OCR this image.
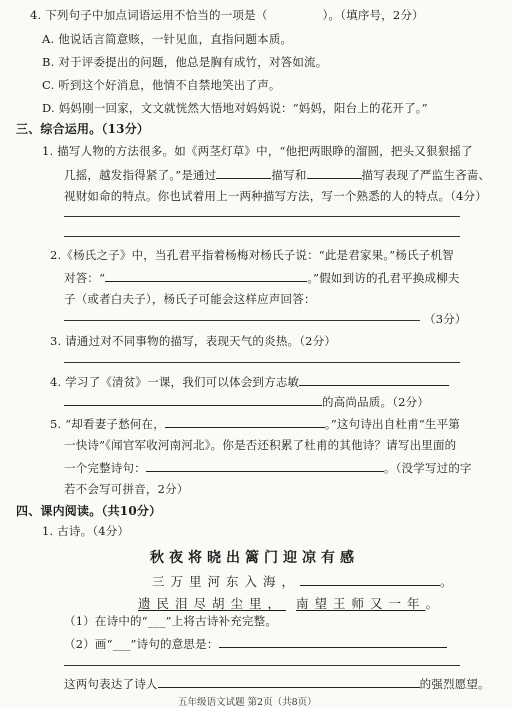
4. 下列句子中加点词语运用不恰当的一项是（	）。（填序号，2分）
A. 他说话言简意赅，一针见血，直指问题本质。
B. 对于评委提出的问题，他总是胸有成竹，对答如流。
C. 听到这个好消息，他情不自禁地笑出了声。
D. 妈妈刚一回家，文文就恍然大悟地对妈妈说：“妈妈，阳台上的花开了。”
三、综合运用。（13分）
1. 描写人物的方法很多。如《两茎灯草》中，“他把两眼睁的溜圆，把头又狠狠摇了
几摇，越发指得紧了。”是通过	描写和	描写表现了严监生吝啬、
视财如命的特点。你也试着用上一两种描写方法，写一个熟悉的人的特点。（4分）
2.《杨氏之子》中，当孔君平指着杨梅对杨氏子说：“此是君家果。”杨氏子机智
对答：“	。”假如到访的孔君平换成柳夫
子（或者白夫子），杨氏子可能会这样应声回答：
（3分）
3. 请通过对不同事物的描写，表现天气的炎热。（2分）
4. 学习了《清贫》一课，我们可以体会到方志敏
的高尚品质。（2分）
5. “却看妻子愁何在，	。”这句诗出自杜甫“生平第
一快诗”《闻官军收河南河北》。你是否还积累了杜甫的其他诗？请写出里面的
一个完整诗句：	。（没学写过的字
若不会写可拼音，2分）
四、课内阅读。（共10分）
1. 古诗。（4分）
秋夜将晓出篱门迎凉有感
三万里河东入海，	。
遗民泪尽胡尘里， 南望王师又一年。
（1）在诗中的“___”上将古诗补充完整。
（2）画“___”诗句的意思是：
这两句表达了诗人	的强烈愿望。
五年级语文试题 第2页（共8页）
